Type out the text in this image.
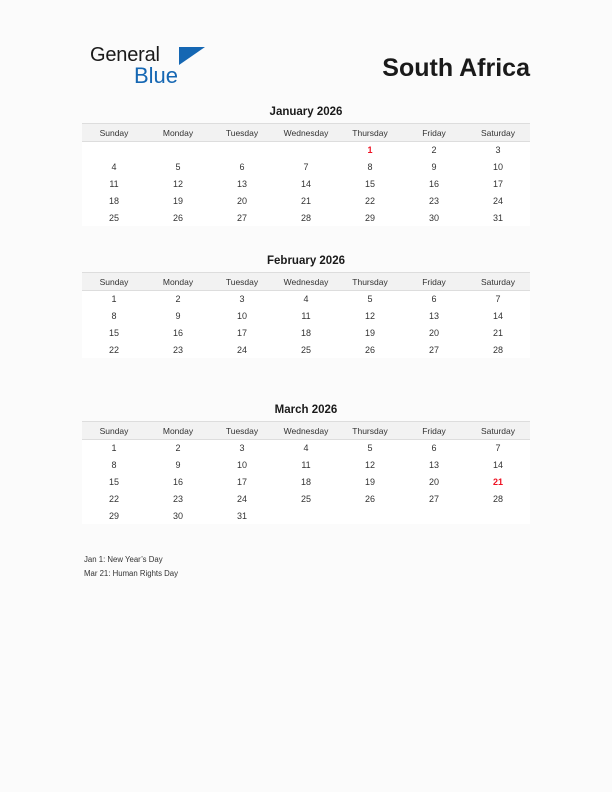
General
Blue	South Africa
January 2026
Sunday	Monday	Tuesday	Wednesday	Thursday	Friday	Saturday
				1	2	3
4	5	6	7	8	9	10
11	12	13	14	15	16	17
18	19	20	21	22	23	24
25	26	27	28	29	30	31
February 2026
Sunday	Monday	Tuesday	Wednesday	Thursday	Friday	Saturday
1	2	3	4	5	6	7
8	9	10	11	12	13	14
15	16	17	18	19	20	21
22	23	24	25	26	27	28
March 2026
Sunday	Monday	Tuesday	Wednesday	Thursday	Friday	Saturday
1	2	3	4	5	6	7
8	9	10	11	12	13	14
15	16	17	18	19	20	21
22	23	24	25	26	27	28
29	30	31				
Jan 1: New Year’s Day
Mar 21: Human Rights Day
